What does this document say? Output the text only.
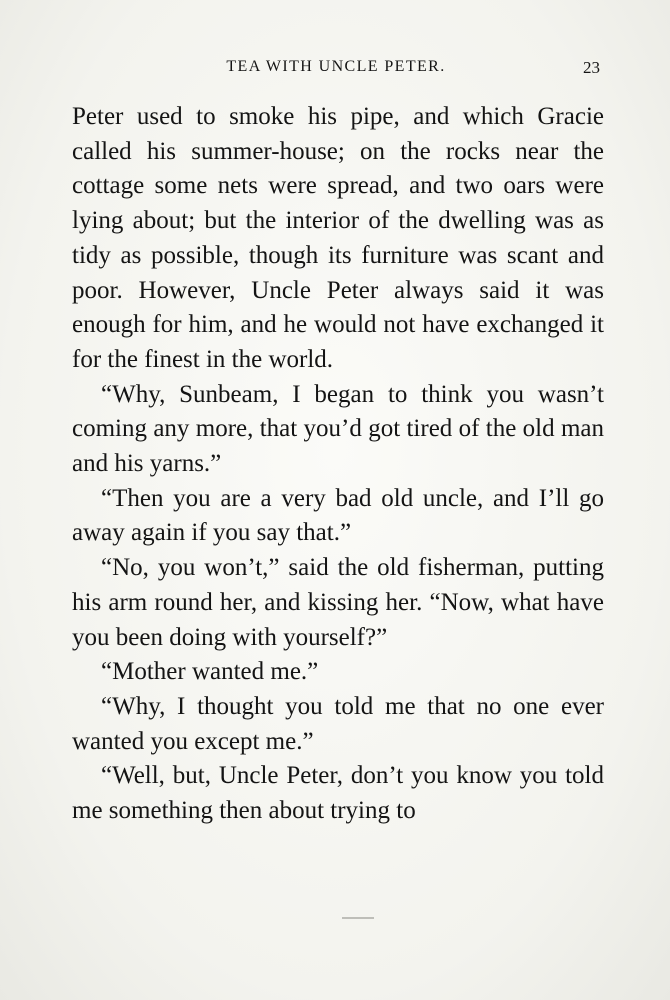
TEA WITH UNCLE PETER.	23

Peter used to smoke his pipe, and which Gracie called his summer-house; on the rocks near the cottage some nets were spread, and two oars were lying about; but the interior of the dwelling was as tidy as possible, though its furniture was scant and poor. However, Uncle Peter always said it was enough for him, and he would not have exchanged it for the finest in the world.

“Why, Sunbeam, I began to think you wasn’t coming any more, that you’d got tired of the old man and his yarns.”

“Then you are a very bad old uncle, and I’ll go away again if you say that.”

“No, you won’t,” said the old fisherman, putting his arm round her, and kissing her. “Now, what have you been doing with yourself?”

“Mother wanted me.”

“Why, I thought you told me that no one ever wanted you except me.”

“Well, but, Uncle Peter, don’t you know you told me something then about trying to
